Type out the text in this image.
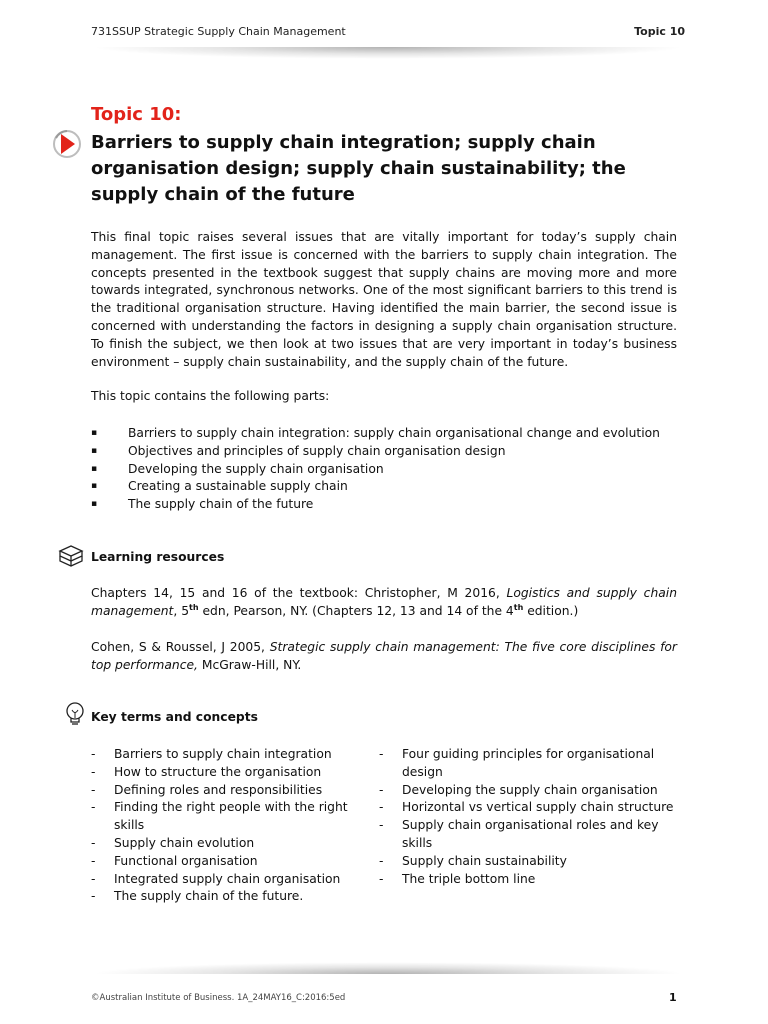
731SSUP Strategic Supply Chain Management	Topic 10
Topic 10:
Barriers to supply chain integration; supply chain organisation design; supply chain sustainability; the supply chain of the future

This final topic raises several issues that are vitally important for today’s supply chain management. The first issue is concerned with the barriers to supply chain integration. The concepts presented in the textbook suggest that supply chains are moving more and more towards integrated, synchronous networks. One of the most significant barriers to this trend is the traditional organisation structure. Having identified the main barrier, the second issue is concerned with understanding the factors in designing a supply chain organisation structure. To finish the subject, we then look at two issues that are very important in today’s business environment – supply chain sustainability, and the supply chain of the future.

This topic contains the following parts:

▪	Barriers to supply chain integration: supply chain organisational change and evolution
▪	Objectives and principles of supply chain organisation design
▪	Developing the supply chain organisation
▪	Creating a sustainable supply chain
▪	The supply chain of the future
Learning resources

Chapters 14, 15 and 16 of the textbook: Christopher, M 2016, Logistics and supply chain management, 5th edn, Pearson, NY. (Chapters 12, 13 and 14 of the 4th edition.)

Cohen, S & Roussel, J 2005, Strategic supply chain management: The five core disciplines for top performance, McGraw-Hill, NY.

Key terms and concepts
- Barriers to supply chain integration
- How to structure the organisation
- Defining roles and responsibilities
- Finding the right people with the right skills
- Supply chain evolution
- Functional organisation
- Integrated supply chain organisation
- The supply chain of the future.
- Four guiding principles for organisational design
- Developing the supply chain organisation
- Horizontal vs vertical supply chain structure
- Supply chain organisational roles and key skills
- Supply chain sustainability
- The triple bottom line
©Australian Institute of Business. 1A_24MAY16_C:2016:5ed	1
